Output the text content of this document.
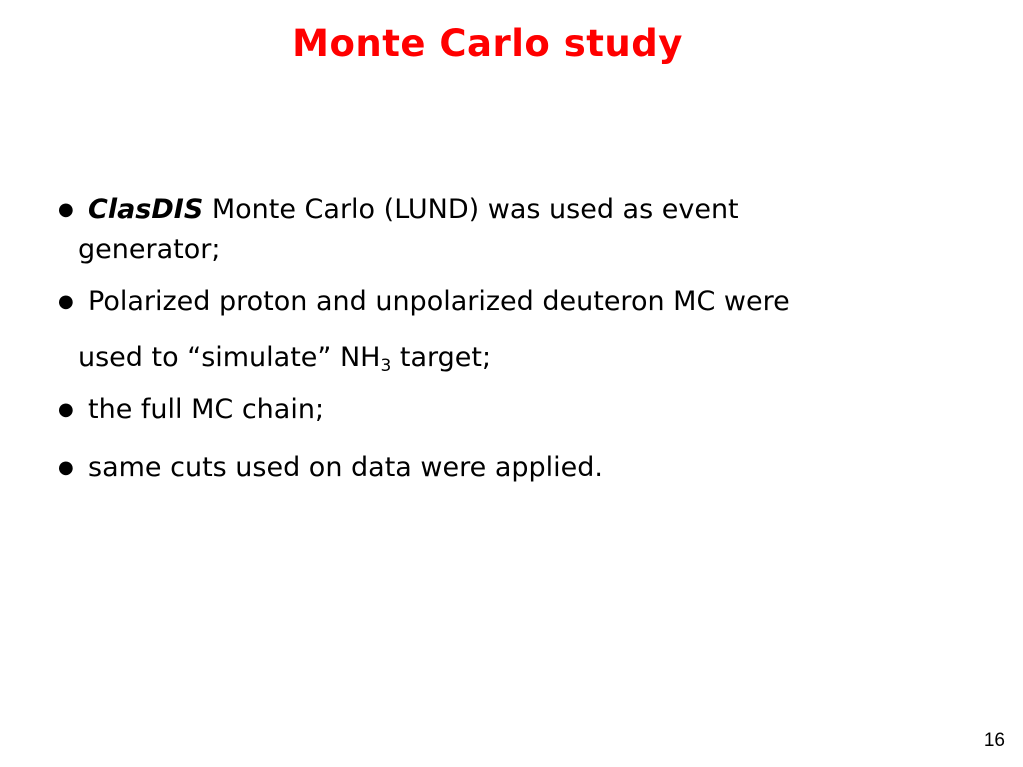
Monte Carlo study
● ClasDIS Monte Carlo (LUND) was used as event
generator;
● Polarized proton and unpolarized deuteron MC were
used to “simulate” $NH_3$ target;
● the full MC chain;
● same cuts used on data were applied.
16
